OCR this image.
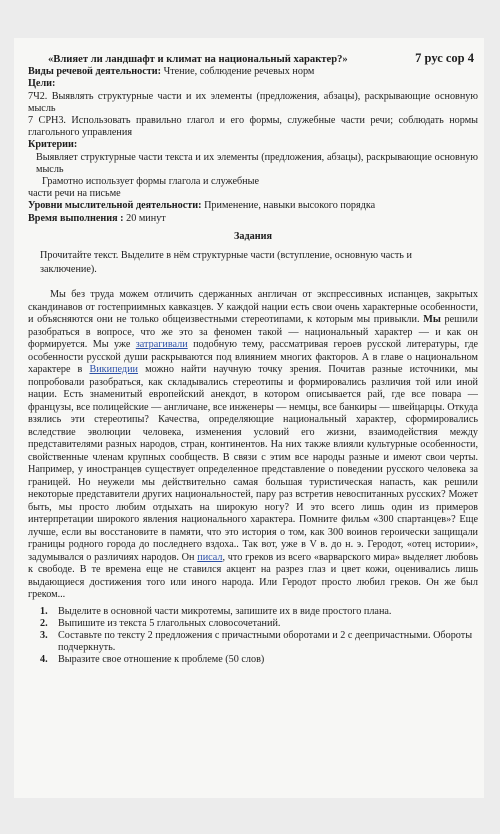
«Влияет ли ландшафт и климат на национальный характер?»	7 рус сор 4
Виды речевой деятельности: Чтение, соблюдение речевых норм
Цели:
7Ч2. Выявлять структурные части и их элементы (предложения, абзацы), раскрывающие основную мысль
7 СРН3. Использовать правильно глагол и его формы, служебные части речи; соблюдать нормы глагольного управления
Критерии:
Выявляет структурные части текста и их элементы (предложения, абзацы), раскрывающие основную мысль
Грамотно использует формы глагола и служебные
части речи на письме
Уровни мыслительной деятельности: Применение, навыки высокого порядка
Время выполнения : 20 минут
Задания
Прочитайте текст. Выделите в нём структурные части (вступление, основную часть и заключение).
Мы без труда можем отличить сдержанных англичан от экспрессивных испанцев, закрытых скандинавов от гостеприимных кавказцев. У каждой нации есть свои очень характерные особенности, и объясняются они не только общеизвестными стереотипами, к которым мы привыкли. Мы решили разобраться в вопросе, что же это за феномен такой — национальный характер — и как он формируется. Мы уже затрагивали подобную тему, рассматривая героев русской литературы, где особенности русской души раскрываются под влиянием многих факторов. А в главе о национальном характере в Википедии можно найти научную точку зрения. Почитав разные источники, мы попробовали разобраться, как складывались стереотипы и формировались различия той или иной нации. Есть знаменитый европейский анекдот, в котором описывается рай, где все повара — французы, все полицейские — англичане, все инженеры — немцы, все банкиры — швейцарцы. Откуда взялись эти стереотипы? Качества, определяющие национальный характер, сформировались вследствие эволюции человека, изменения условий его жизни, взаимодействия между представителями разных народов, стран, континентов. На них также влияли культурные особенности, свойственные членам крупных сообществ. В связи с этим все народы разные и имеют свои черты. Например, у иностранцев существует определенное представление о поведении русского человека за границей. Но неужели мы действительно самая большая туристическая напасть, как решили некоторые представители других национальностей, пару раз встретив невоспитанных русских? Может быть, мы просто любим отдыхать на широкую ногу? И это всего лишь один из примеров интерпретации широкого явления национального характера. Помните фильм «300 спартанцев»? Еще лучше, если вы восстановите в памяти, что это история о том, как 300 воинов героически защищали границы родного города до последнего вздоха.. Так вот, уже в V в. до н. э. Геродот, «отец истории», задумывался о различиях народов. Он писал, что греков из всего «варварского мира» выделяет любовь к свободе. В те времена еще не ставился акцент на разрез глаз и цвет кожи, оценивались лишь выдающиеся достижения того или иного народа. Или Геродот просто любил греков. Он же был греком...
1.	Выделите в основной части микротемы, запишите их в виде простого плана.
2.	Выпишите из текста 5 глагольных словосочетаний.
3.	Составьте по тексту 2 предложения с причастными оборотами и 2 с деепричастными. Обороты подчеркнуть.
4.	Выразите свое отношение к проблеме (50 слов)
